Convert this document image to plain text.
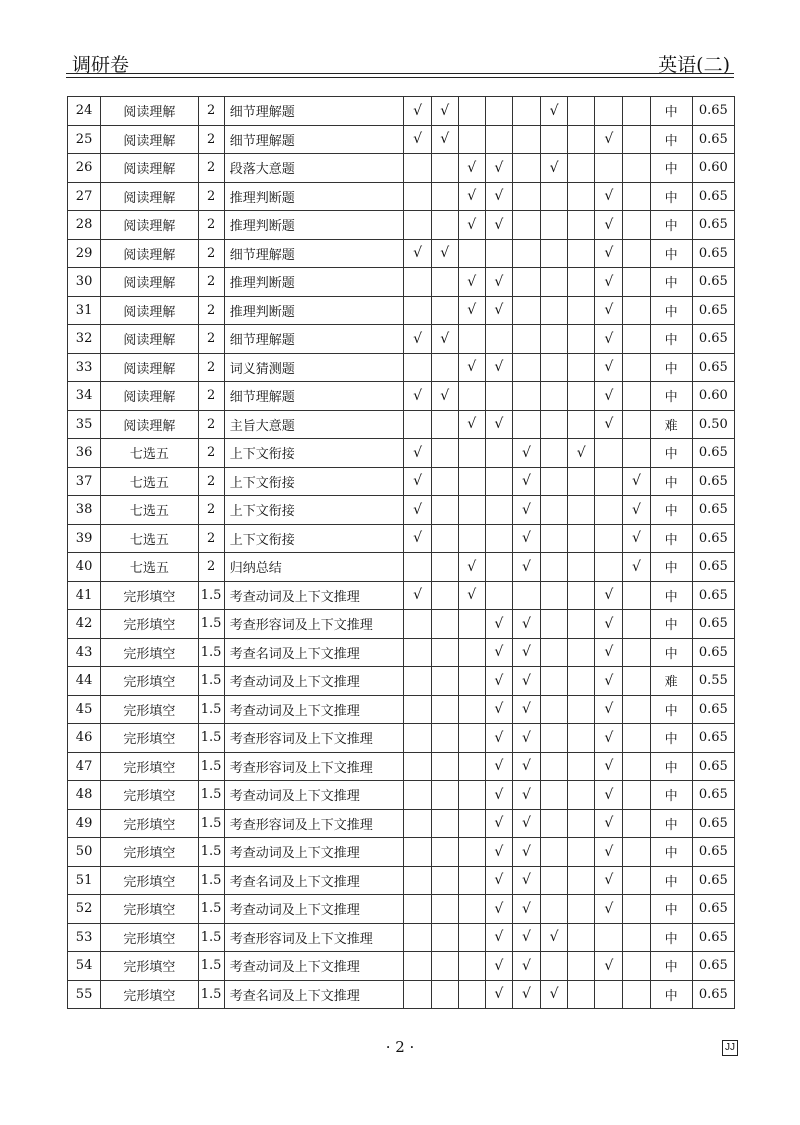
调研卷	英语(二)
24	阅读理解	2	细节理解题	√	√				√				中	0.65
25	阅读理解	2	细节理解题	√	√						√		中	0.65
26	阅读理解	2	段落大意题			√	√		√				中	0.60
27	阅读理解	2	推理判断题			√	√				√		中	0.65
28	阅读理解	2	推理判断题			√	√				√		中	0.65
29	阅读理解	2	细节理解题	√	√						√		中	0.65
30	阅读理解	2	推理判断题			√	√				√		中	0.65
31	阅读理解	2	推理判断题			√	√				√		中	0.65
32	阅读理解	2	细节理解题	√	√						√		中	0.65
33	阅读理解	2	词义猜测题			√	√				√		中	0.65
34	阅读理解	2	细节理解题	√	√						√		中	0.60
35	阅读理解	2	主旨大意题			√	√				√		难	0.50
36	七选五	2	上下文衔接	√				√		√			中	0.65
37	七选五	2	上下文衔接	√				√				√	中	0.65
38	七选五	2	上下文衔接	√				√				√	中	0.65
39	七选五	2	上下文衔接	√				√				√	中	0.65
40	七选五	2	归纳总结			√		√				√	中	0.65
41	完形填空	1.5	考查动词及上下文推理	√		√					√		中	0.65
42	完形填空	1.5	考查形容词及上下文推理				√	√			√		中	0.65
43	完形填空	1.5	考查名词及上下文推理				√	√			√		中	0.65
44	完形填空	1.5	考查动词及上下文推理				√	√			√		难	0.55
45	完形填空	1.5	考查动词及上下文推理				√	√			√		中	0.65
46	完形填空	1.5	考查形容词及上下文推理				√	√			√		中	0.65
47	完形填空	1.5	考查形容词及上下文推理				√	√			√		中	0.65
48	完形填空	1.5	考查动词及上下文推理				√	√			√		中	0.65
49	完形填空	1.5	考查形容词及上下文推理				√	√			√		中	0.65
50	完形填空	1.5	考查动词及上下文推理				√	√			√		中	0.65
51	完形填空	1.5	考查名词及上下文推理				√	√			√		中	0.65
52	完形填空	1.5	考查动词及上下文推理				√	√			√		中	0.65
53	完形填空	1.5	考查形容词及上下文推理				√	√	√				中	0.65
54	完形填空	1.5	考查动词及上下文推理				√	√			√		中	0.65
55	完形填空	1.5	考查名词及上下文推理				√	√	√				中	0.65
· 2 ·	JJ
